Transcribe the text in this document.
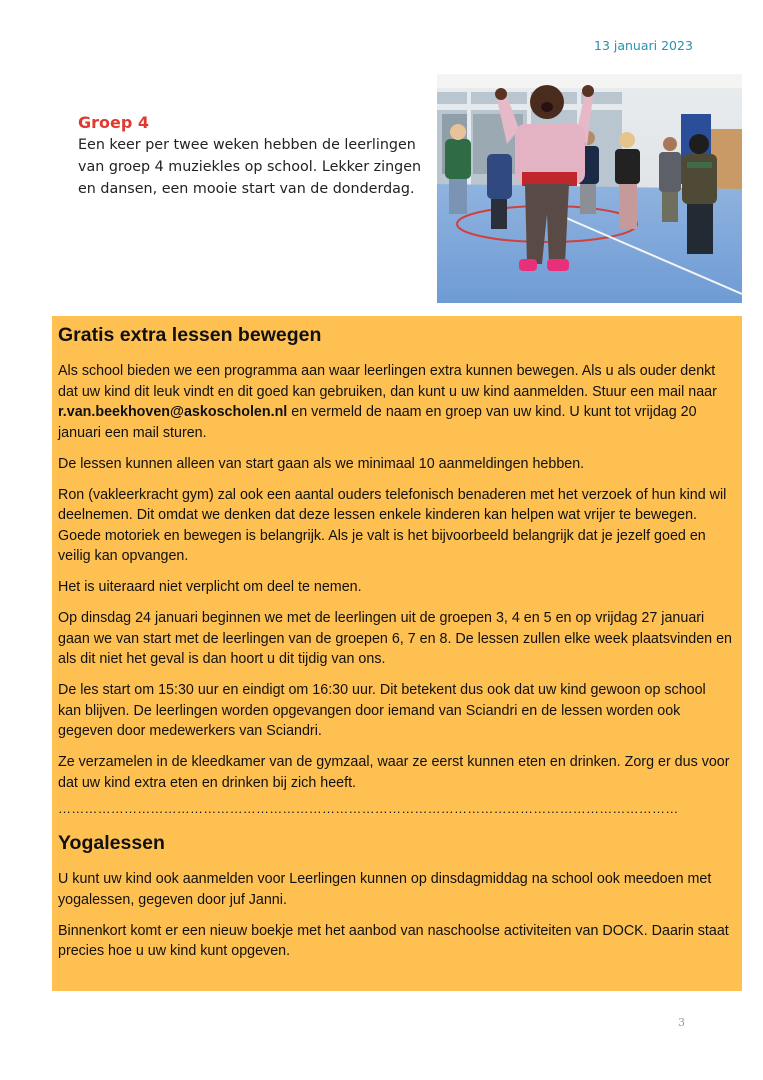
13 januari 2023
Groep 4

Een keer per twee weken hebben de leerlingen van groep 4 muziekles op school. Lekker zingen en dansen, een mooie start van de donderdag.

Gratis extra lessen bewegen

Als school bieden we een programma aan waar leerlingen extra kunnen bewegen. Als u als ouder denkt dat uw kind dit leuk vindt en dit goed kan gebruiken, dan kunt u uw kind aanmelden. Stuur een mail naar r.van.beekhoven@askoscholen.nl en vermeld de naam en groep van uw kind. U kunt tot vrijdag 20 januari een mail sturen.

De lessen kunnen alleen van start gaan als we minimaal 10 aanmeldingen hebben.

Ron (vakleerkracht gym) zal ook een aantal ouders telefonisch benaderen met het verzoek of hun kind wil deelnemen. Dit omdat we denken dat deze lessen enkele kinderen kan helpen wat vrijer te bewegen. Goede motoriek en bewegen is belangrijk. Als je valt is het bijvoorbeeld belangrijk dat je jezelf goed en veilig kan opvangen.

Het is uiteraard niet verplicht om deel te nemen.

Op dinsdag 24 januari beginnen we met de leerlingen uit de groepen 3, 4 en 5 en op vrijdag 27 januari gaan we van start met de leerlingen van de groepen 6, 7 en 8. De lessen zullen elke week plaatsvinden en als dit niet het geval is dan hoort u dit tijdig van ons.

De les start om 15:30 uur en eindigt om 16:30 uur. Dit betekent dus ook dat uw kind gewoon op school kan blijven. De leerlingen worden opgevangen door iemand van Sciandri en de lessen worden ook gegeven door medewerkers van Sciandri.

Ze verzamelen in de kleedkamer van de gymzaal, waar ze eerst kunnen eten en drinken. Zorg er dus voor dat uw kind extra eten en drinken bij zich heeft.

……………………………………………………………………………………………………………………………
Yogalessen

U kunt uw kind ook aanmelden voor Leerlingen kunnen op dinsdagmiddag na school ook meedoen met yogalessen, gegeven door juf Janni.

Binnenkort komt er een nieuw boekje met het aanbod van naschoolse activiteiten van DOCK. Daarin staat precies hoe u uw kind kunt opgeven.

3
